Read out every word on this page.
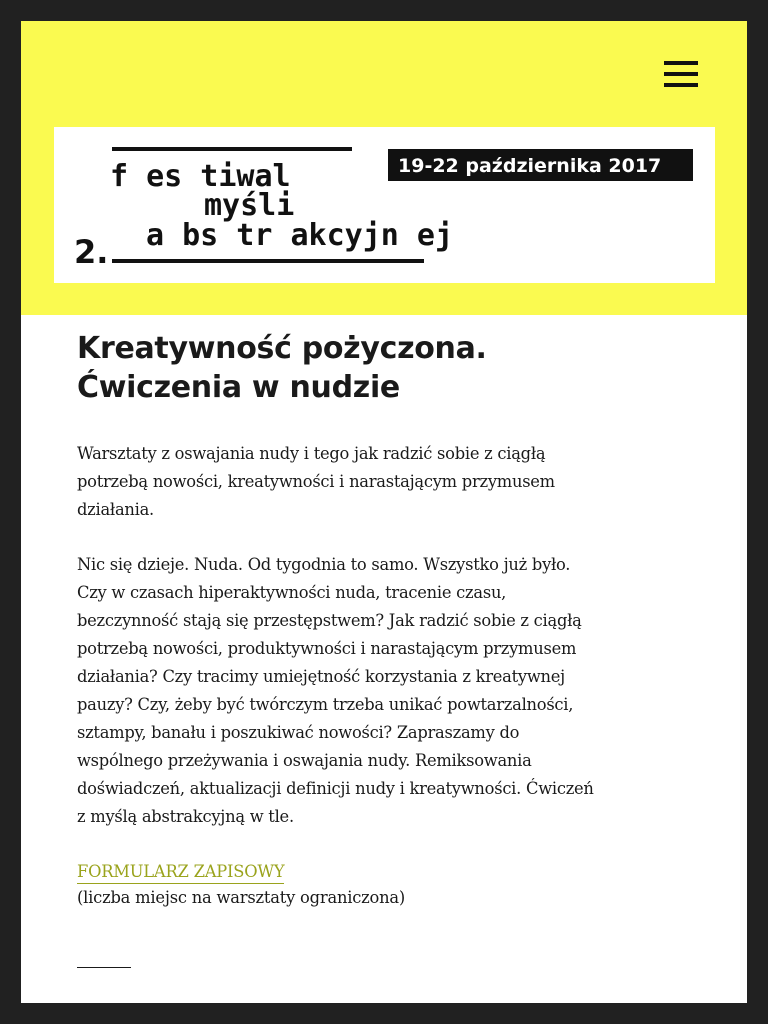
f es tiwal
myśli
a bs tr akcyjn ej
2.
19-22 października 2017
Kreatywność pożyczona.
Ćwiczenia w nudzie

Warsztaty z oswajania nudy i tego jak radzić sobie z ciągłą potrzebą nowości, kreatywności i narastającym przymusem działania.

Nic się dzieje. Nuda. Od tygodnia to samo. Wszystko już było. Czy w czasach hiperaktywności nuda, tracenie czasu, bezczynność stają się przestępstwem? Jak radzić sobie z ciągłą potrzebą nowości, produktywności i narastającym przymusem działania? Czy tracimy umiejętność korzystania z kreatywnej pauzy? Czy, żeby być twórczym trzeba unikać powtarzalności, sztampy, banału i poszukiwać nowości? Zapraszamy do wspólnego przeżywania i oswajania nudy. Remiksowania doświadczeń, aktualizacji definicji nudy i kreatywności. Ćwiczeń z myślą abstrakcyjną w tle.

FORMULARZ ZAPISOWY

(liczba miejsc na warsztaty ograniczona)
